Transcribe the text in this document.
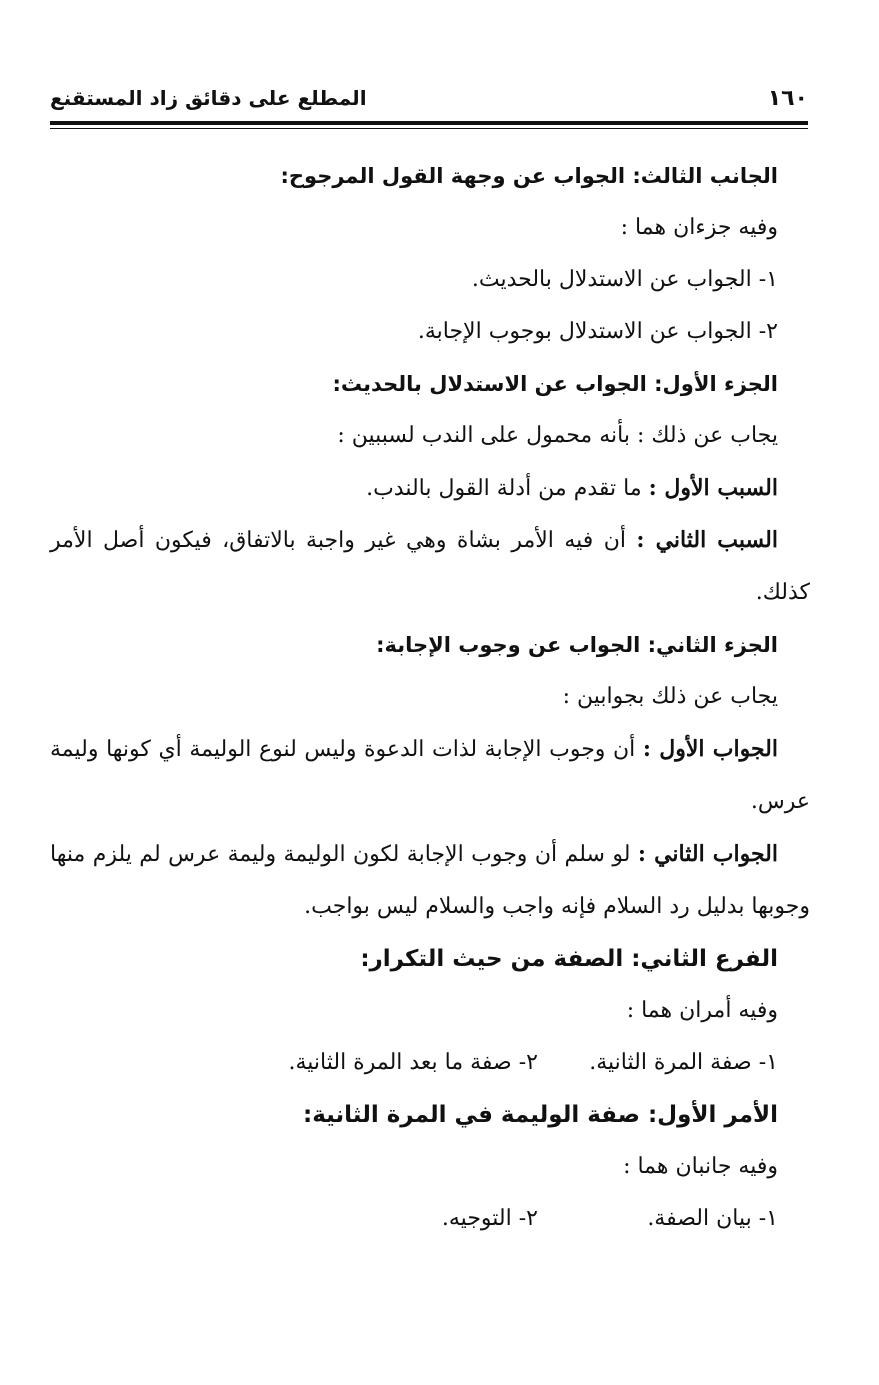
١٦٠
المطلع على دقائق زاد المستقنع
الجانب الثالث: الجواب عن وجهة القول المرجوح:
وفيه جزءان هما :
١- الجواب عن الاستدلال بالحديث.
٢- الجواب عن الاستدلال بوجوب الإجابة.
الجزء الأول: الجواب عن الاستدلال بالحديث:
يجاب عن ذلك : بأنه محمول على الندب لسببين :
السبب الأول : ما تقدم من أدلة القول بالندب.
السبب الثاني : أن فيه الأمر بشاة وهي غير واجبة بالاتفاق، فيكون أصل الأمر كذلك.
الجزء الثاني: الجواب عن وجوب الإجابة:
يجاب عن ذلك بجوابين :
الجواب الأول : أن وجوب الإجابة لذات الدعوة وليس لنوع الوليمة أي كونها وليمة عرس.
الجواب الثاني : لو سلم أن وجوب الإجابة لكون الوليمة وليمة عرس لم يلزم منها وجوبها بدليل رد السلام فإنه واجب والسلام ليس بواجب.
الفرع الثاني: الصفة من حيث التكرار:
وفيه أمران هما :
١- صفة المرة الثانية.
٢- صفة ما بعد المرة الثانية.
الأمر الأول: صفة الوليمة في المرة الثانية:
وفيه جانبان هما :
١- بيان الصفة.
٢- التوجيه.
